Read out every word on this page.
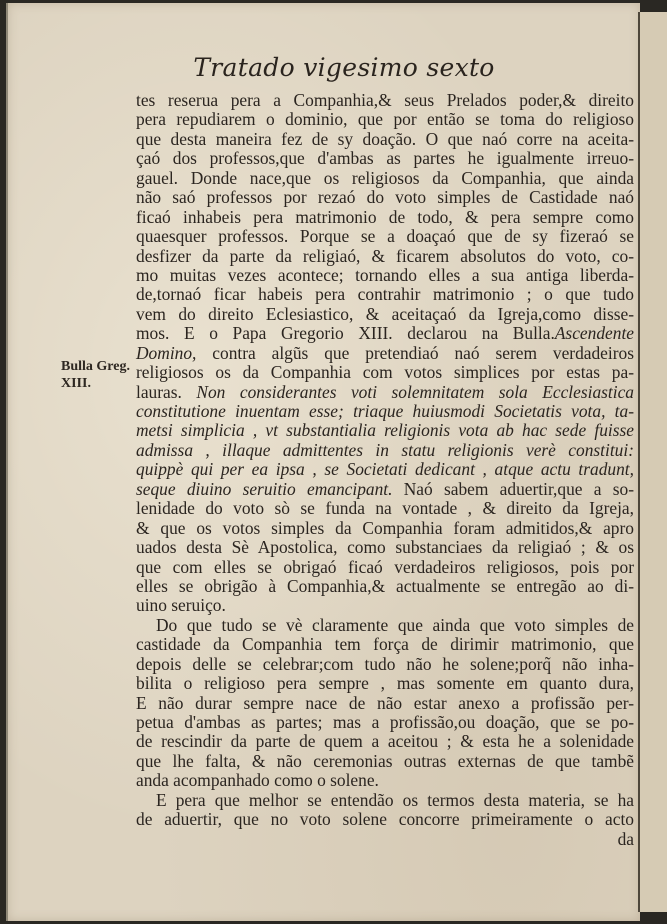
Tratado vigesimo sexto
Bulla Greg.
XIII.
tes reserua pera a Companhia,& seus Prelados poder,& direito
pera repudiarem o dominio, que por então se toma do religioso
que desta maneira fez de sy doação. O que naó corre na aceita-
çaó dos professos,que d'ambas as partes he igualmente irreuo-
gauel. Donde nace,que os religiosos da Companhia, que ainda
não saó professos por rezaó do voto simples de Castidade naó
ficaó inhabeis pera matrimonio de todo, & pera sempre como
quaesquer professos. Porque se a doaçaó que de sy fizeraó se
desfizer da parte da religiaó, & ficarem absolutos do voto, co-
mo muitas vezes acontece; tornando elles a sua antiga liberda-
de,tornaó ficar habeis pera contrahir matrimonio ; o que tudo
vem do direito Eclesiastico, & aceitaçaó da Igreja,como disse-
mos. E o Papa Gregorio XIII. declarou na Bulla.Ascendente
Domino, contra algũs que pretendiaó naó serem verdadeiros
religiosos os da Companhia com votos simplices por estas pa-
lauras. Non considerantes voti solemnitatem sola Ecclesiastica
constitutione inuentam esse; triaque huiusmodi Societatis vota, ta-
metsi simplicia , vt substantialia religionis vota ab hac sede fuisse
admissa , illaque admittentes in statu religionis verè constitui:
quippè qui per ea ipsa , se Societati dedicant , atque actu tradunt,
seque diuino seruitio emancipant. Naó sabem aduertir,que a so-
lenidade do voto sò se funda na vontade , & direito da Igreja,
& que os votos simples da Companhia foram admitidos,& apro
uados desta Sè Apostolica, como substanciaes da religiaó ; & os
que com elles se obrigaó ficaó verdadeiros religiosos, pois por
elles se obrigão à Companhia,& actualmente se entregão ao di-
uino seruiço.
Do que tudo se vè claramente que ainda que voto simples de
castidade da Companhia tem força de dirimir matrimonio, que
depois delle se celebrar;com tudo não he solene;porq̃ não inha-
bilita o religioso pera sempre , mas somente em quanto dura,
E não durar sempre nace de não estar anexo a profissão per-
petua d'ambas as partes; mas a profissão,ou doação, que se po-
de rescindir da parte de quem a aceitou ; & esta he a solenidade
que lhe falta, & não ceremonias outras externas de que tambẽ
anda acompanhado como o solene.
E pera que melhor se entendão os termos desta materia, se ha
de aduertir, que no voto solene concorre primeiramente o acto
da
